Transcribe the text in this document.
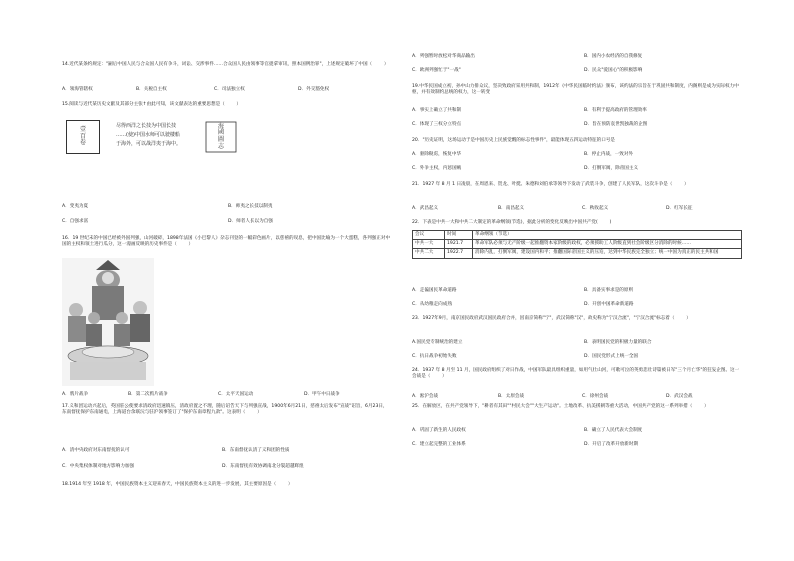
14.近代某条约规定："嗣后中国人民与合众国人民有争斗，词讼、交涉事件……合众国人民由领事等官捉拿审讯，照本国例治罪"，上述规定破坏了中国（        ）
A．领海管辖权	B．关税自主权	C．司法独立权	D．外交豁免权
15.阅读与近代某历史文献及其部分主张↑由此可知，该文献表达的重要思想是（        ）
壹
百
卷
尽得西洋之长技为中国长技
……(使)中国水师可以驶楼船
于海外，可以战洋夷于海中。
海
國
圖
志
A．变夷为夏	B．师夷之长技以制夷
C．自强求富	D．师者人长以为自强
16．19 世纪末的中国已经被外国列强，山河破碎，1898年法国《小巴黎人》杂志刊登的一幅彩色画片，以慈禧的叹息，把中国比喻为一个大蛋糕，各列强正对中国的主权和领土进行瓜分，这一漫画反映的历史事件是（        ）
A．鸦片战争	B．第二次鸦片战争	C．太平天国运动	D．甲午中日战争
17.义和团运动兴起后，英国驻公使要求清政府迅速镇压，清政府置之不理，随后诏告天下与列强宣战，1900年6月21日，慈禧太后发布"宣战"诏旨，6月23日，东南督抚保护东南通电，上海道台余联沅与驻沪领事签订了"保护东南章程九款"。这表明（        ）
A．清中央政府对东南督抚的认可	B．东南督抚认清了义和团的性质
C．中央集权体制对地方影响力加强	D．东南督抚有效协调南北分裂超越辉煌
18.1914 年至 1918 年，中国民族资本主义迎来春天，中国民族资本主义的进一步发展，其主要原因是（        ）
A．列强暂时放松对华商品输出	B．国内小农经济的自我修复
C．欧洲列强忙于"一战"	D．民众"爱国心"的积极影响
19.中华民国成立初，孙中山力排众议，坚决致政府采用共和制，1912年《中华民国临时约法》颁布，该约法的宗旨在于巩固共和制度，内阁则是成为实际权力中枢，并有效制约总统的权力，这一转变
A．事实上确立了共和制	B．有利于提高政府的管理效率
C．体现了三权分立特点	D．旨在预防袁世凯独裁的企图
20．"历史证明，这场运动于是中国历史上民族觉醒的标志性事件"，最能体现五四运动特征的口号是
A．驱除鞑虏，恢复中华	B．停止内战，一致对外
C．外争主权，内惩国贼	D．打倒军阀，除帝国主义
21．1927 年 8 月 1 日凌晨，在周恩来、贺龙、叶挺、朱德和刘伯承等领导下发动了武装斗争，创建了人民军队，这次斗争是（        ）
A．武昌起义	B．南昌起义	C．秋收起义	D．红军长征
22．下表是中共一大和中共二大制定的革命纲领(节选)，据此分析的变化反映出中国共产党(        )
会议	时间	革命纲领（节选）
中共一大	1921.7	革命军队必须与无产阶级一起推翻资本家阶级的政权，必须援助工人阶级直到社会阶级区分消除的时候……
中共二大	1922.7	消除内乱，打倒军阀，建设国内和平；推翻国际帝国主义的压迫，达到中华民族完全独立；统一中国为真正的民主共和国
A．走偏国民革命道路	B．具备实事求是的原则
C．从幼稚走向成熟	D．开创中国革命新道路
23．1927年9月，南京国民政府武汉国民政府合并，因南京简称"宁"，武汉简称"汉"，故史称为"宁汉合流"，"宁汉合流"标志着（        ）
A.国民党专制统治的建立	B．表明国民党的积极力量的联合
C．抗日战争初始失败	D．国民党形式上统一全国
24．1937 年 8 月至 11 月，国民政府组织了对日作战，中国军队最具组织重量，如用气壮山河，可歌可泣的英勇悲壮诗篇被日军"三个月亡华"的狂妄企图。这一会战是（        ）
A．淞沪会战	B．太原会战	C．徐州会战	D．武汉会战
25．在解放区，在共产党领导下，"耕者有其田""村民大会""大生产运动"。土地改革、抗美援朝等重大活动，中国共产党的这一系列举措（        ）
A．巩固了新生的人民政权	B．确立了人民代表大会制度
C．建立起完整的工业体系	D．开启了改革开放新时期
